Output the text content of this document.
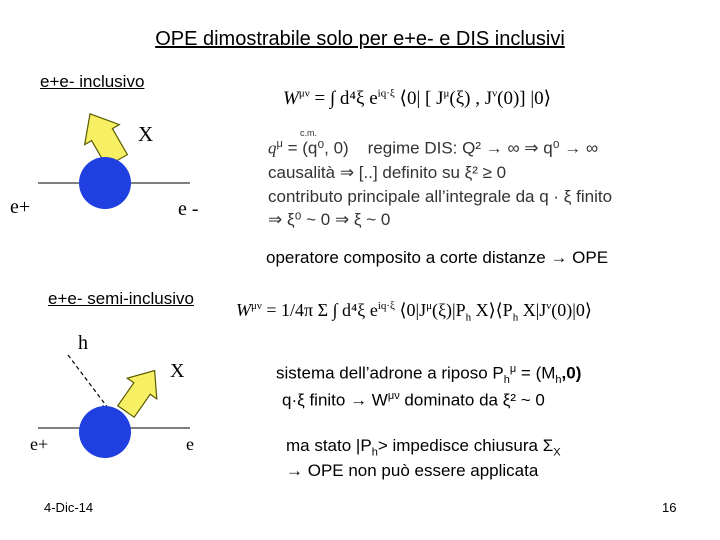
OPE dimostrabile solo per e+e- e DIS inclusivi
e+e- inclusivo
X
e+	e -
$W^{\mu\nu}$ = ∫ d⁴ξ $e^{iq\cdot\xi}$ ⟨0| [ $J^\mu(\xi)$ , $J^\nu(0)$] |0⟩
c.m.
$q^\mu = (q^0$, 0) regime DIS: Q² → ∞ ⇒ q⁰ → ∞
causalità ⇒ [..] definito su ξ² ≥ 0
contributo principale all’integrale da q · ξ finito
⇒ ξ⁰ ~ 0 ⇒ ξ ~ 0
operatore composito a corte distanze → OPE
e+e- semi-inclusivo
h
X
e+	e
$W^{\mu\nu} = 1/4\pi$ Σ ∫ d⁴ξ $e^{iq\cdot\xi}$ $⟨0|J^\mu(\xi)|P_h$ $X⟩⟨P_h$ $X|J^\nu(0)|0⟩$
sistema dell’adrone a riposo $P_h^\mu = (M_h,0)$
q·ξ finito → $W^{\mu\nu}$ dominato da ξ² ~ 0
ma stato $|P_h>$ impedisce chiusura $\Sigma_X$
→ OPE non può essere applicata
4-Dic-14	16
